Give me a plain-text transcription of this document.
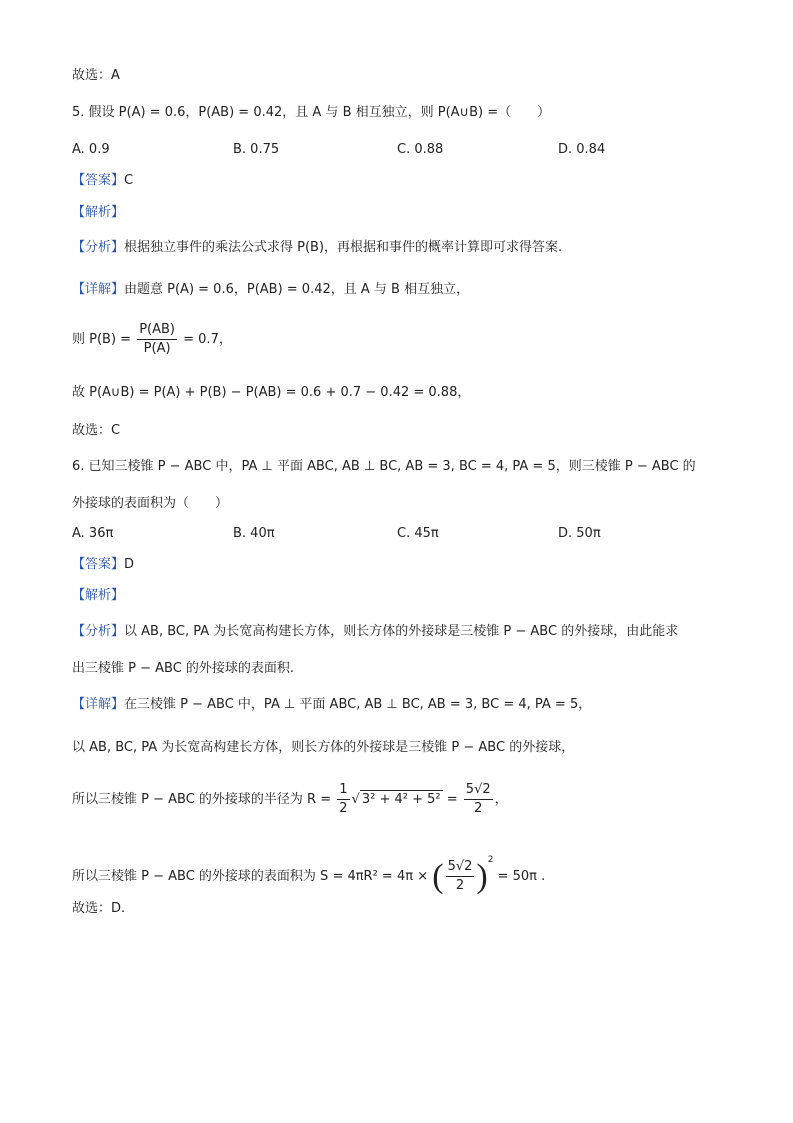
故选：A
5. 假设 P(A) = 0.6，P(AB) = 0.42，且 A 与 B 相互独立，则 P(A∪B) =（　　）
A. 0.9	B. 0.75	C. 0.88	D. 0.84
【答案】C
【解析】
【分析】根据独立事件的乘法公式求得 P(B)，再根据和事件的概率计算即可求得答案.
【详解】由题意 P(A) = 0.6，P(AB) = 0.42，且 A 与 B 相互独立，
则 $P(B) = \frac{P(AB)}{P(A)} = 0.7$，
故 P(A∪B) = P(A) + P(B) − P(AB) = 0.6 + 0.7 − 0.42 = 0.88，
故选：C
6. 已知三棱锥 P − ABC 中，PA ⊥ 平面 ABC, AB ⊥ BC, AB = 3, BC = 4, PA = 5，则三棱锥 P − ABC 的
外接球的表面积为（　　）
A. 36π	B. 40π	C. 45π	D. 50π
【答案】D
【解析】
【分析】以 AB, BC, PA 为长宽高构建长方体，则长方体的外接球是三棱锥 P − ABC 的外接球，由此能求
出三棱锥 P − ABC 的外接球的表面积.
【详解】在三棱锥 P − ABC 中，PA ⊥ 平面 ABC, AB ⊥ BC, AB = 3, BC = 4, PA = 5，
以 AB, BC, PA 为长宽高构建长方体，则长方体的外接球是三棱锥 P − ABC 的外接球，
所以三棱锥 P − ABC 的外接球的半径为 $R = \frac{1}{2}$ √ $3^2 + 4^2 + 5^2 = \frac{5√2}{2}$ ，
所以三棱锥 P − ABC 的外接球的表面积为 S = 4πR² = 4π × ( $\frac{5√2}{2} )^2 = 50\pi$ .
故选：D.
